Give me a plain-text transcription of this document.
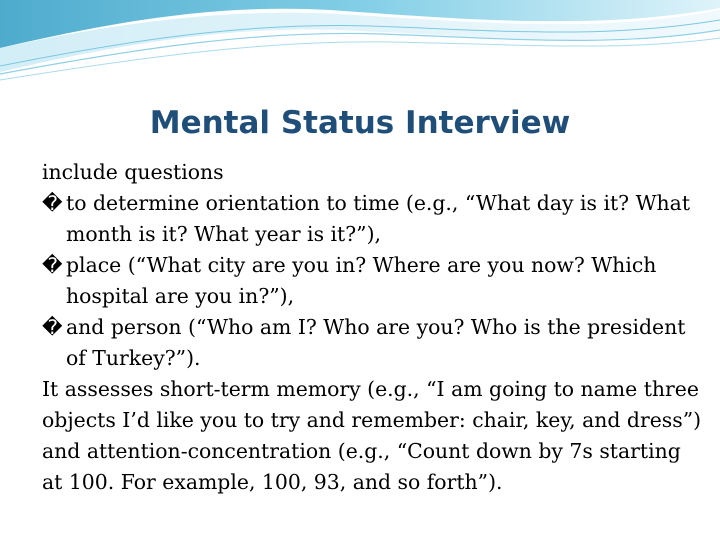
Mental Status Interview

include questions

� to determine orientation to time (e.g., “What day is it? What month is it? What year is it?”),

� place (“What city are you in? Where are you now? Which hospital are you in?”),

� and person (“Who am I? Who are you? Who is the president of Turkey?”).

It assesses short-term memory (e.g., “I am going to name three objects I’d like you to try and remember: chair, key, and dress”) and attention-concentration (e.g., “Count down by 7s starting at 100. For example, 100, 93, and so forth”).
